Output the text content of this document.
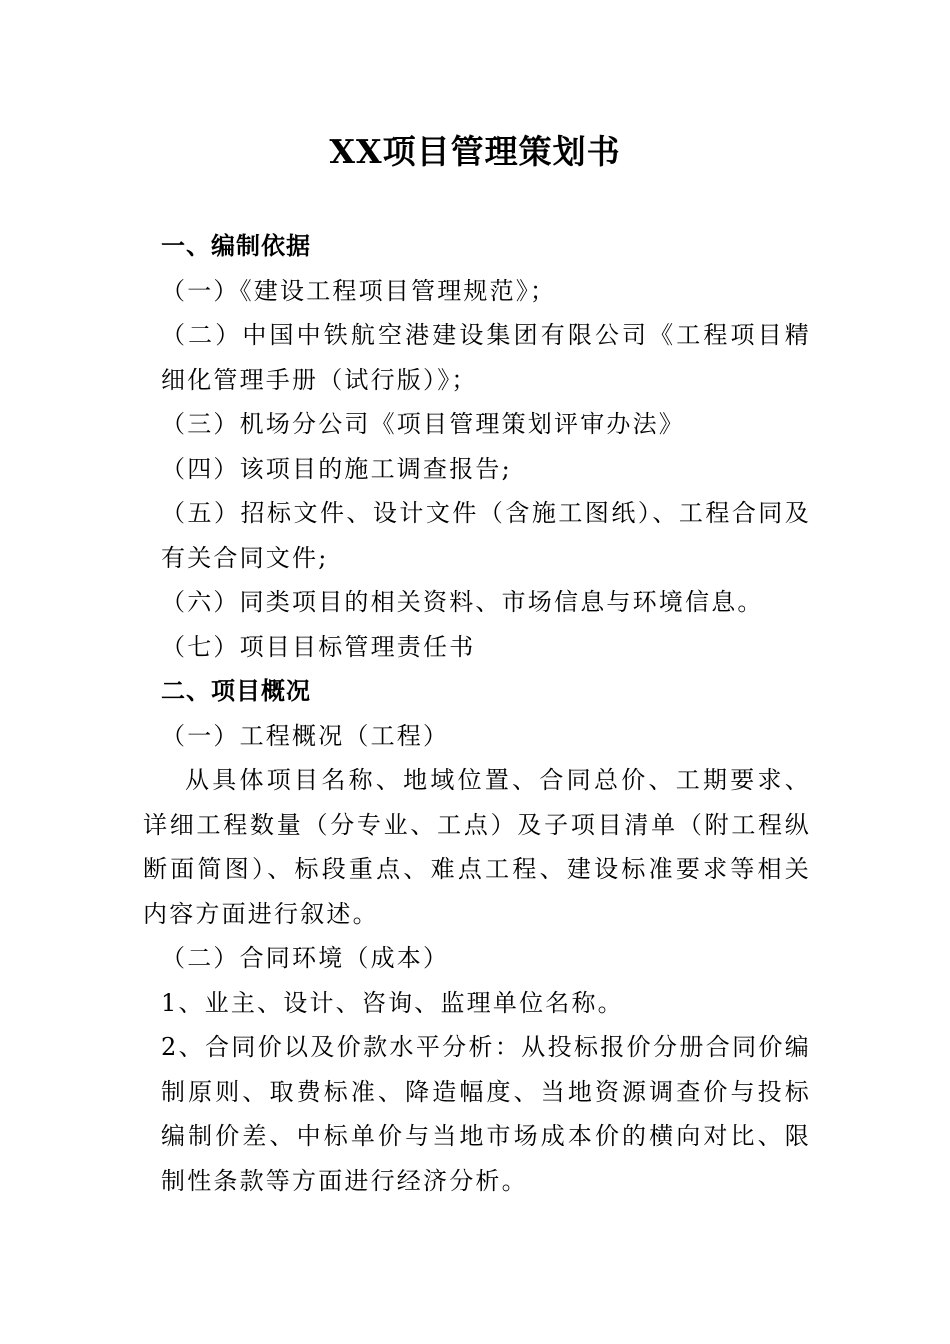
XX项目管理策划书

一、编制依据

（一）《建设工程项目管理规范》；

（二）中国中铁航空港建设集团有限公司《工程项目精细化管理手册（试行版）》；

（三）机场分公司《项目管理策划评审办法》

（四）该项目的施工调查报告;

（五）招标文件、设计文件（含施工图纸）、工程合同及有关合同文件;

（六）同类项目的相关资料、市场信息与环境信息。

（七）项目目标管理责任书

二、项目概况

（一）工程概况（工程）

从具体项目名称、地域位置、合同总价、工期要求、详细工程数量（分专业、工点）及子项目清单（附工程纵断面简图）、标段重点、难点工程、建设标准要求等相关内容方面进行叙述。

（二）合同环境（成本）

1、业主、设计、咨询、监理单位名称。

2、合同价以及价款水平分析：从投标报价分册合同价编制原则、取费标准、降造幅度、当地资源调查价与投标编制价差、中标单价与当地市场成本价的横向对比、限制性条款等方面进行经济分析。
